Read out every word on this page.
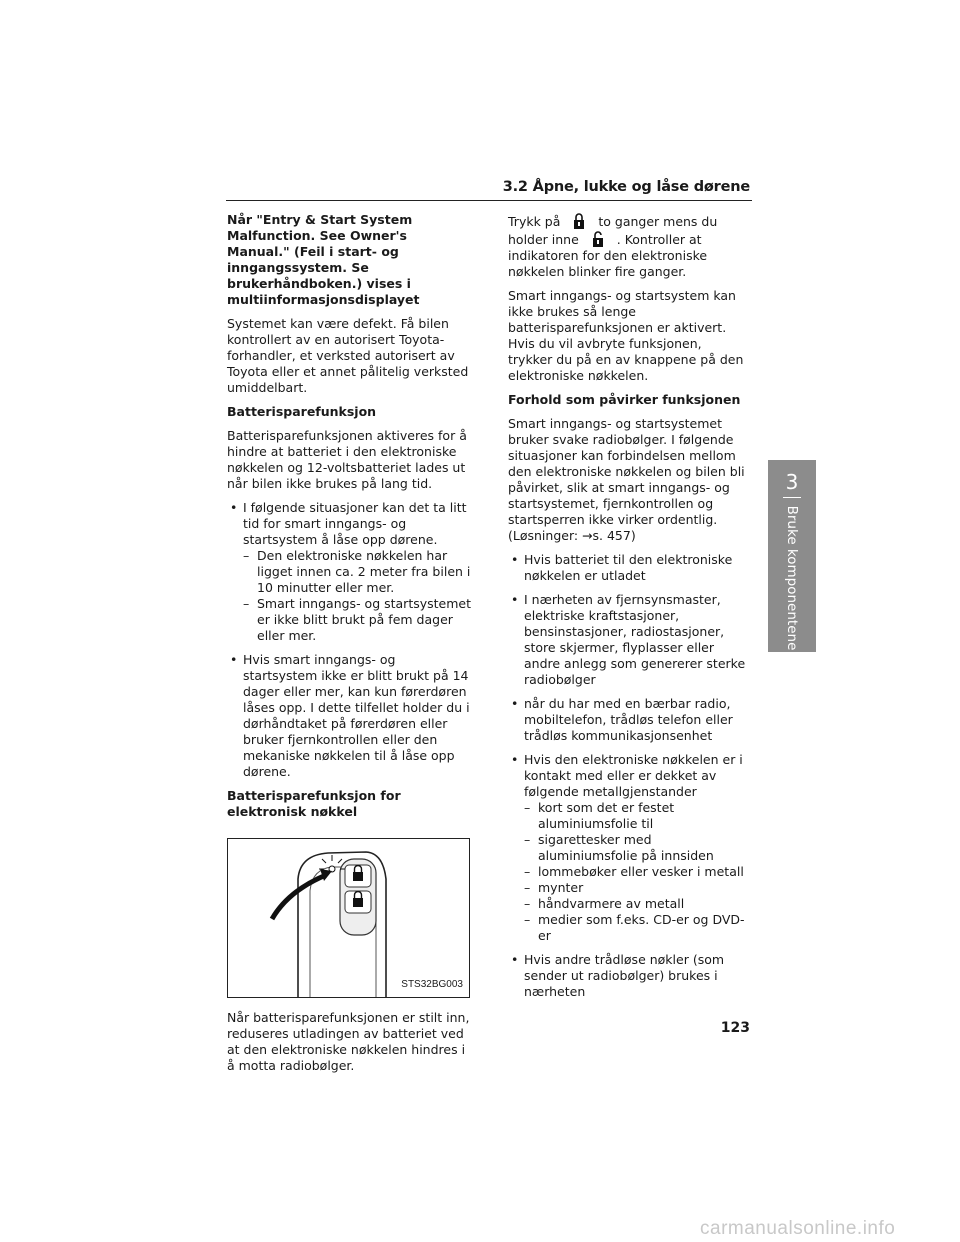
3.2 Åpne, lukke og låse dørene
3
Bruke komponentene

Når "Entry & Start System Malfunction. See Owner's Manual." (Feil i start- og inngangssystem. Se brukerhåndboken.) vises i multiinformasjonsdisplayet

Systemet kan være defekt. Få bilen kontrollert av en autorisert Toyota-forhandler, et verksted autorisert av Toyota eller et annet pålitelig verksted umiddelbart.

Batterisparefunksjon

Batterisparefunksjonen aktiveres for å hindre at batteriet i den elektroniske nøkkelen og 12-voltsbatteriet lades ut når bilen ikke brukes på lang tid.

• I følgende situasjoner kan det ta litt tid for smart inngangs- og startsystem å låse opp dørene.
– Den elektroniske nøkkelen har ligget innen ca. 2 meter fra bilen i 10 minutter eller mer.
– Smart inngangs- og startsystemet er ikke blitt brukt på fem dager eller mer.
• Hvis smart inngangs- og startsystem ikke er blitt brukt på 14 dager eller mer, kan kun førerdøren låses opp. I dette tilfellet holder du i dørhåndtaket på førerdøren eller bruker fjernkontrollen eller den mekaniske nøkkelen til å låse opp dørene.

Batterisparefunksjon for elektronisk nøkkel

STS32BG003

Når batterisparefunksjonen er stilt inn, reduseres utladingen av batteriet ved at den elektroniske nøkkelen hindres i å motta radiobølger.

Trykk på	to ganger mens du holder inne	. Kontroller at indikatoren for den elektroniske nøkkelen blinker fire ganger.

Smart inngangs- og startsystem kan ikke brukes så lenge batterisparefunksjonen er aktivert. Hvis du vil avbryte funksjonen, trykker du på en av knappene på den elektroniske nøkkelen.

Forhold som påvirker funksjonen

Smart inngangs- og startsystemet bruker svake radiobølger. I følgende situasjoner kan forbindelsen mellom den elektroniske nøkkelen og bilen bli påvirket, slik at smart inngangs- og startsystemet, fjernkontrollen og startsperren ikke virker ordentlig. (Løsninger: →s. 457)

• Hvis batteriet til den elektroniske nøkkelen er utladet
• I nærheten av fjernsynsmaster, elektriske kraftstasjoner, bensinstasjoner, radiostasjoner, store skjermer, flyplasser eller andre anlegg som genererer sterke radiobølger
• når du har med en bærbar radio, mobiltelefon, trådløs telefon eller trådløs kommunikasjonsenhet
• Hvis den elektroniske nøkkelen er i kontakt med eller er dekket av følgende metallgjenstander
– kort som det er festet aluminiumsfolie til
– sigarettesker med aluminiumsfolie på innsiden
– lommebøker eller vesker i metall
– mynter
– håndvarmere av metall
– medier som f.eks. CD-er og DVD-er
• Hvis andre trådløse nøkler (som sender ut radiobølger) brukes i nærheten
123
carmanualsonline.info
